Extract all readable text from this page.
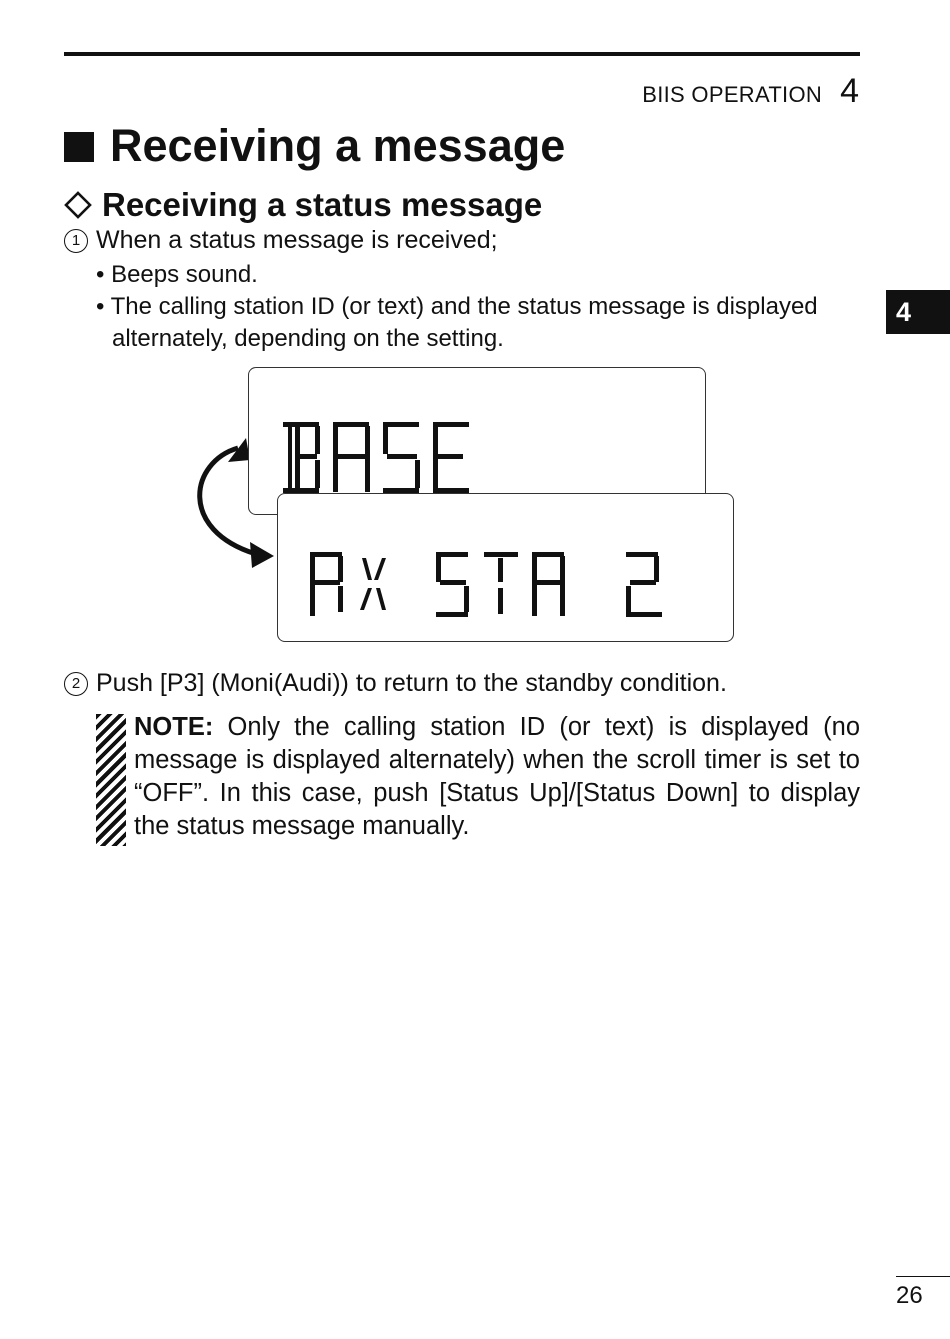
BIIS OPERATION 4
4
Receiving a message
Receiving a status message
1 When a status message is received;
• Beeps sound.
• The calling station ID (or text) and the status message is displayed
alternately, depending on the setting.
2 Push [P3] (Moni(Audi)) to return to the standby condition.
NOTE: Only the calling station ID (or text) is displayed (no message is displayed alternately) when the scroll timer is set to “OFF”. In this case, push [Status Up]/[Status Down] to display the status message manually.
26
